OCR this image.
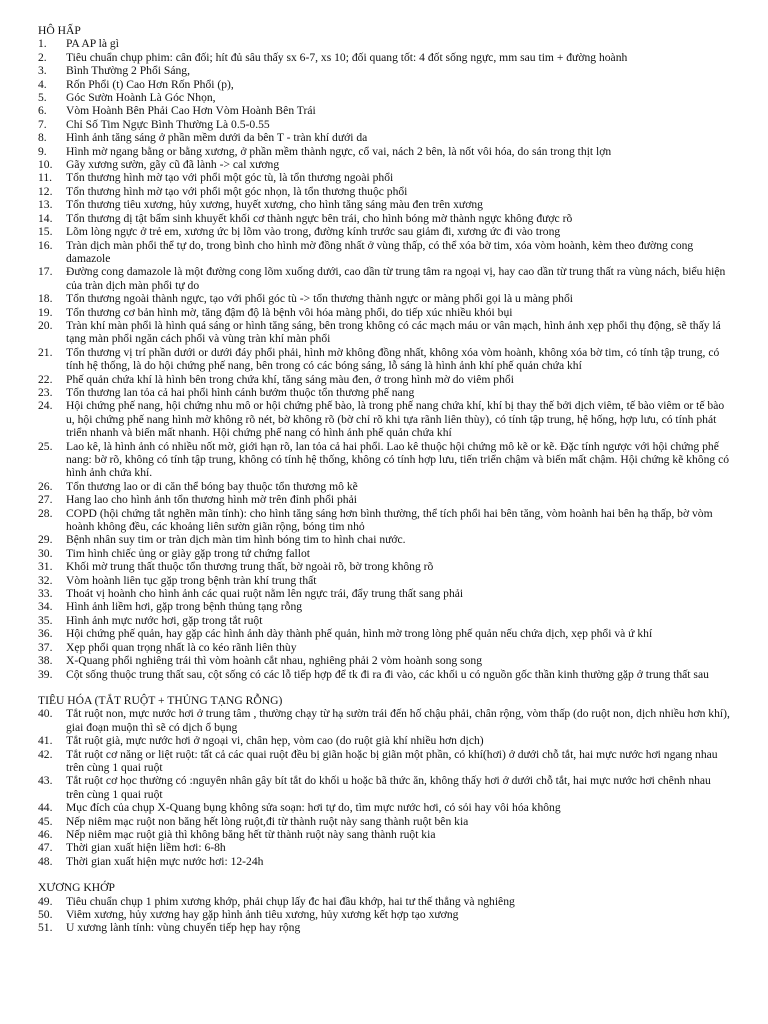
HÔ HẤP
1.	PA AP là gì
2.	Tiêu chuẩn chụp phim: cân đối; hít đủ sâu thấy sx 6-7, xs 10; đối quang tốt: 4 đốt sống ngực, mm sau tim + đường hoành
3.	Bình Thường 2 Phổi Sáng,
4.	Rốn Phổi (t) Cao Hơn Rốn Phổi (p),
5.	Góc Sườn Hoành Là Góc Nhọn,
6.	Vòm Hoành Bên Phải Cao Hơn Vòm Hoành Bên Trái
7.	Chỉ Số Tim Ngực Bình Thường Là 0.5-0.55
8.	Hình ảnh tăng sáng ở phần mềm dưới da bên T - tràn khí dưới da
9.	Hình mờ ngang bằng or bằng xương, ở phần mềm thành ngực, cổ vai, nách 2 bên, là nốt vôi hóa, do sán trong thịt lợn
10.	Gãy xương sườn, gãy cũ đã lành -> cal xương
11.	Tổn thương hình mờ tạo với phổi một góc tù, là tổn thương ngoài phổi
12.	Tổn thương hình mờ tạo với phổi một góc nhọn, là tổn thương thuộc phổi
13.	Tổn thương tiêu xương, hủy xương, huyết xương, cho hình tăng sáng màu đen trên xương
14.	Tổn thương dị tật bẩm sinh khuyết khối cơ thành ngực bên trái, cho hình bóng mờ thành ngực không được rõ
15.	Lõm lòng ngực ở trẻ em, xương ức bị lõm vào trong, đường kính trước sau giảm đi, xương ức đi vào trong
16.	Tràn dịch màn phổi thể tự do, trong bình cho hình mờ đồng nhất ở vùng thấp, có thể xóa bờ tim, xóa vòm hoành, kèm theo đường cong damazole
17.	Đường cong damazole là một đường cong lõm xuống dưới, cao dần từ trung tâm ra ngoại vị, hay cao dần từ trung thất ra vùng nách, biểu hiện của tràn dịch màn phổi tự do
18.	Tổn thương ngoài thành ngực, tạo với phổi góc tù -> tổn thương thành ngực or màng phổi gọi là u màng phổi
19.	Tổn thương cơ bản hình mờ, tăng đậm độ là bệnh vôi hóa màng phổi, do tiếp xúc nhiều khói bụi
20.	Tràn khí màn phổi là hình quá sáng or hình tăng sáng, bên trong không có các mạch máu or vân mạch, hình ảnh xẹp phổi thụ động, sẽ thấy lá tạng màn phổi ngăn cách phổi và vùng tràn khí màn phổi
21.	Tổn thương vị trí phần dưới or dưới đáy phổi phải, hình mờ không đồng nhất, không xóa vòm hoành, không xóa bờ tim, có tính tập trung, có tính hệ thống, là do hội chứng phế nang, bên trong có các bóng sáng, lỗ sáng là hình ảnh khí phế quản chứa khí
22.	Phế quản chứa khí là hình bên trong chứa khí, tăng sáng màu đen, ở trong hình mờ do viêm phổi
23.	Tổn thương lan tỏa cả hai phổi hình cánh bướm thuộc tổn thương phế nang
24.	Hội chứng phế nang, hội chứng nhu mô or hội chứng phế bào, là trong phế nang chứa khí, khí bị thay thế bởi dịch viêm, tế bào viêm or tế bào u, hội chứng phế nang hình mờ không rõ nét, bờ không rõ (bờ chỉ rõ khi tựa rãnh liên thùy), có tính tập trung, hệ hống, hợp lưu, có tính phát triển nhanh và biến mất nhanh. Hội chứng phế nang có hình ảnh phế quản chứa khí
25.	Lao kê, là hình ảnh có nhiều nốt mờ, giới hạn rõ, lan tỏa cả hai phổi. Lao kê thuộc hội chứng mô kẽ or kẽ. Đặc tính ngược với hội chứng phế nang: bờ rõ, không có tính tập trung, không có tính hệ thống, không có tính hợp lưu, tiến triển chậm và biến mất chậm. Hội chứng kẽ không có hình ảnh chứa khí.
26.	Tổn thương lao or di căn thể bóng bay thuộc tổn thương mô kẽ
27.	Hang lao cho hình ảnh tổn thương hình mờ trên đỉnh phổi phải
28.	COPD (hội chứng tắt nghẽn mãn tính): cho hình tăng sáng hơn bình thường, thể tích phổi hai bên tăng, vòm hoành hai bên hạ thấp, bờ vòm hoành không đều, các khoảng liên sườn giãn rộng, bóng tim nhỏ
29.	Bệnh nhân suy tim or tràn dịch màn tim hình bóng tim to hình chai nước.
30.	Tim hình chiếc ủng or giày gặp trong tứ chứng fallot
31.	Khối mờ trung thất thuộc tổn thương trung thất, bờ ngoài rõ, bờ trong không rõ
32.	Vòm hoành liên tục gặp trong bệnh tràn khí trung thất
33.	Thoát vị hoành cho hình ảnh các quai ruột nằm lên ngực trái, đẩy trung thất sang phải
34.	Hình ảnh liềm hơi, gặp trong bệnh thủng tạng rỗng
35.	Hình ảnh mực nước hơi, gặp trong tắt ruột
36.	Hội chứng phế quản, hay gặp các hình ảnh dày thành phế quản, hình mờ trong lòng phế quản nếu chứa dịch, xẹp phổi và ứ khí
37.	Xẹp phổi quan trọng nhất là co kéo rãnh liên thùy
38.	X-Quang phổi nghiêng trái thì vòm hoành cắt nhau, nghiêng phải 2 vòm hoành song song
39.	Cột sống thuộc trung thất sau, cột sống có các lỗ tiếp hợp để tk đi ra đi vào, các khối u có nguồn gốc thần kinh thường gặp ở trung thất sau
TIÊU HÓA (TẮT RUỘT + THỦNG TẠNG RỖNG)
40.	Tắt ruột non, mực nước hơi ở trung tâm , thường chạy từ hạ sườn trái đến hố chậu phải, chân rộng, vòm thấp (do ruột non, dịch nhiều hơn khí), giai đoạn muộn thì sẽ có dịch ổ bụng
41.	Tắt ruột già, mực nước hơi ở ngoại vi, chân hẹp, vòm cao (do ruột già khí nhiều hơn dịch)
42.	Tắt ruột cơ năng or liệt ruột: tất cả các quai ruột đều bị giãn hoặc bị giãn một phần, có khí(hơi) ở dưới chỗ tắt, hai mực nước hơi ngang nhau trên cùng 1 quai ruột
43.	Tắt ruột cơ học thường có :nguyên nhân gây bít tắt do khối u hoặc bã thức ăn, không thấy hơi ở dưới chỗ tắt, hai mực nước hơi chênh nhau trên cùng 1 quai ruột
44.	Mục đích của chụp X-Quang bụng không sửa soạn: hơi tự do, tìm mực nước hơi, có sỏi hay vôi hóa không
45.	Nếp niêm mạc ruột non băng hết lòng ruột,đi từ thành ruột này sang thành ruột bên kia
46.	Nếp niêm mạc ruột già thì không băng hết từ thành ruột này sang thành ruột kia
47.	Thời gian xuất hiện liềm hơi: 6-8h
48.	Thời gian xuất hiện mực nước hơi: 12-24h
XƯƠNG KHỚP
49.	Tiêu chuẩn chụp 1 phim xương khớp, phải chụp lấy đc hai đầu khớp, hai tư thế thẳng và nghiêng
50.	Viêm xương, hủy xương hay gặp hình ảnh tiêu xương, hủy xương kết hợp tạo xương
51.	U xương lành tính: vùng chuyển tiếp hẹp hay rộng
